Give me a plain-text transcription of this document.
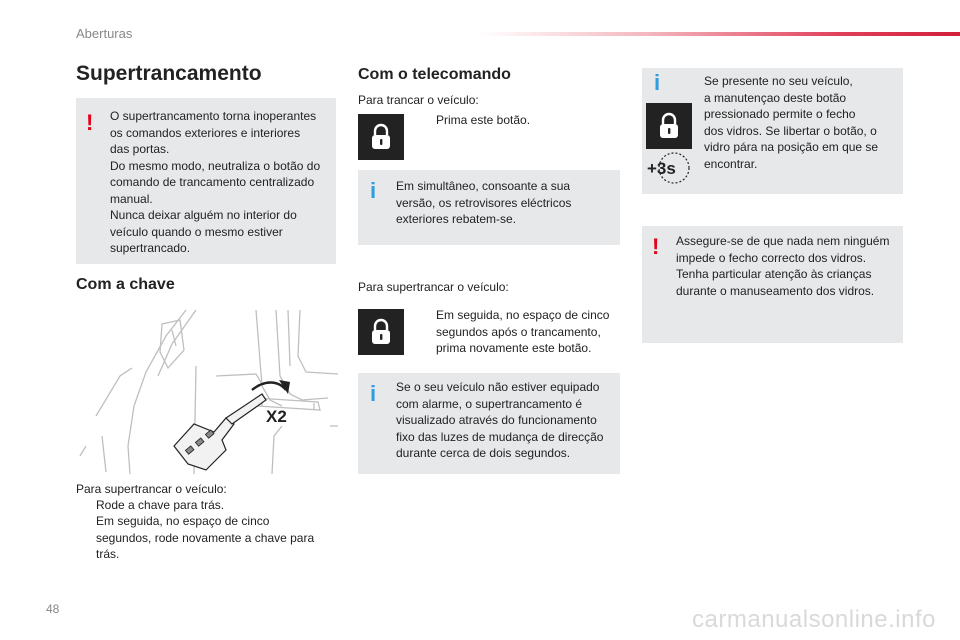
Aberturas
Supertrancamento
! O supertrancamento torna inoperantes
os comandos exteriores e interiores
das portas.
Do mesmo modo, neutraliza o botão do
comando de trancamento centralizado
manual.
Nunca deixar alguém no interior do
veículo quando o mesmo estiver
supertrancado.
Com a chave
X2
Para supertrancar o veículo:
Rode a chave para trás.
Em seguida, no espaço de cinco
segundos, rode novamente a chave para
trás.
Com o telecomando
Para trancar o veículo:
Prima este botão.
i Em simultâneo, consoante a sua
versão, os retrovisores eléctricos
exteriores rebatem-se.
Para supertrancar o veículo:
Em seguida, no espaço de cinco
segundos após o trancamento,
prima novamente este botão.
i Se o seu veículo não estiver equipado
com alarme, o supertrancamento é
visualizado através do funcionamento
fixo das luzes de mudança de direcção
durante cerca de dois segundos.
i
+3s
Se presente no seu veículo,
a manutençao deste botão
pressionado permite o fecho
dos vidros. Se libertar o botão, o
vidro pára na posição em que se
encontrar.
! Assegure-se de que nada nem ninguém
impede o fecho correcto dos vidros.
Tenha particular atenção às crianças
durante o manuseamento dos vidros.
48	carmanualsonline.info
